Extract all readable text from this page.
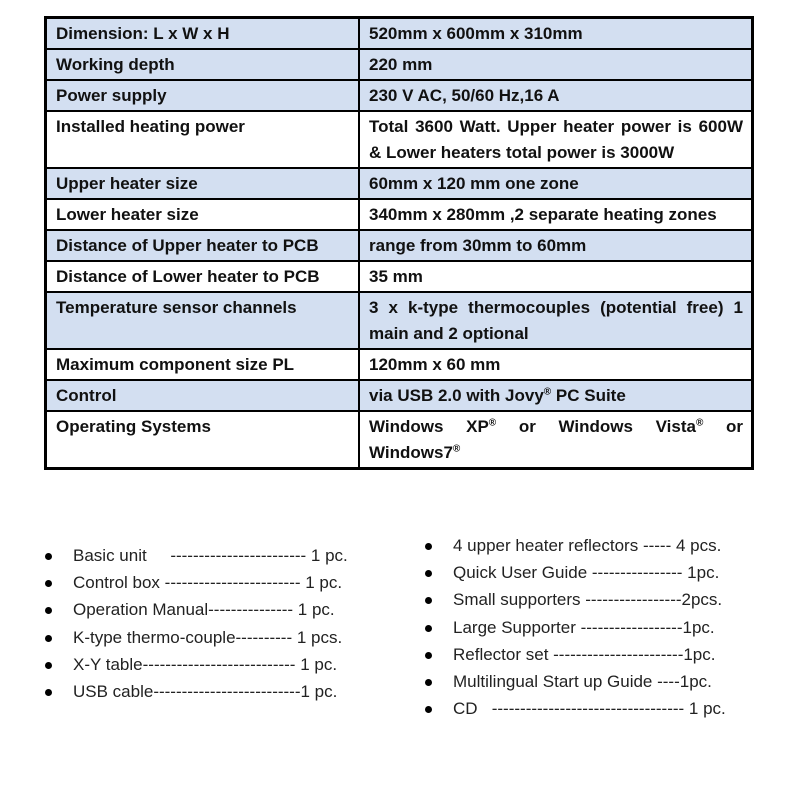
Dimension: L x W x H	520mm x 600mm x 310mm
Working depth	220 mm
Power supply	230 V AC, 50/60 Hz,16 A
Installed heating power	Total 3600 Watt. Upper heater power is 600W & Lower heaters total power is 3000W
Upper heater size	60mm x 120 mm one zone
Lower heater size	340mm x 280mm ,2 separate heating zones
Distance of Upper heater to PCB	range from 30mm to 60mm
Distance of Lower heater to PCB	35 mm
Temperature sensor channels	3 x k-type thermocouples (potential free) 1 main and 2 optional
Maximum component size PL	120mm x 60 mm
Control	via USB 2.0 with Jovy® PC Suite
Operating Systems	Windows XP® or Windows Vista® or Windows7®
Basic unit     ------------------------ 1 pc.
Control box ------------------------ 1 pc.
Operation Manual--------------- 1 pc.
K-type thermo-couple---------- 1 pcs.
X-Y table--------------------------- 1 pc.
USB cable--------------------------1 pc.
4 upper heater reflectors ----- 4 pcs.
Quick User Guide ---------------- 1pc.
Small supporters -----------------2pcs.
Large Supporter ------------------1pc.
Reflector set -----------------------1pc.
Multilingual Start up Guide ----1pc.
CD   ---------------------------------- 1 pc.
